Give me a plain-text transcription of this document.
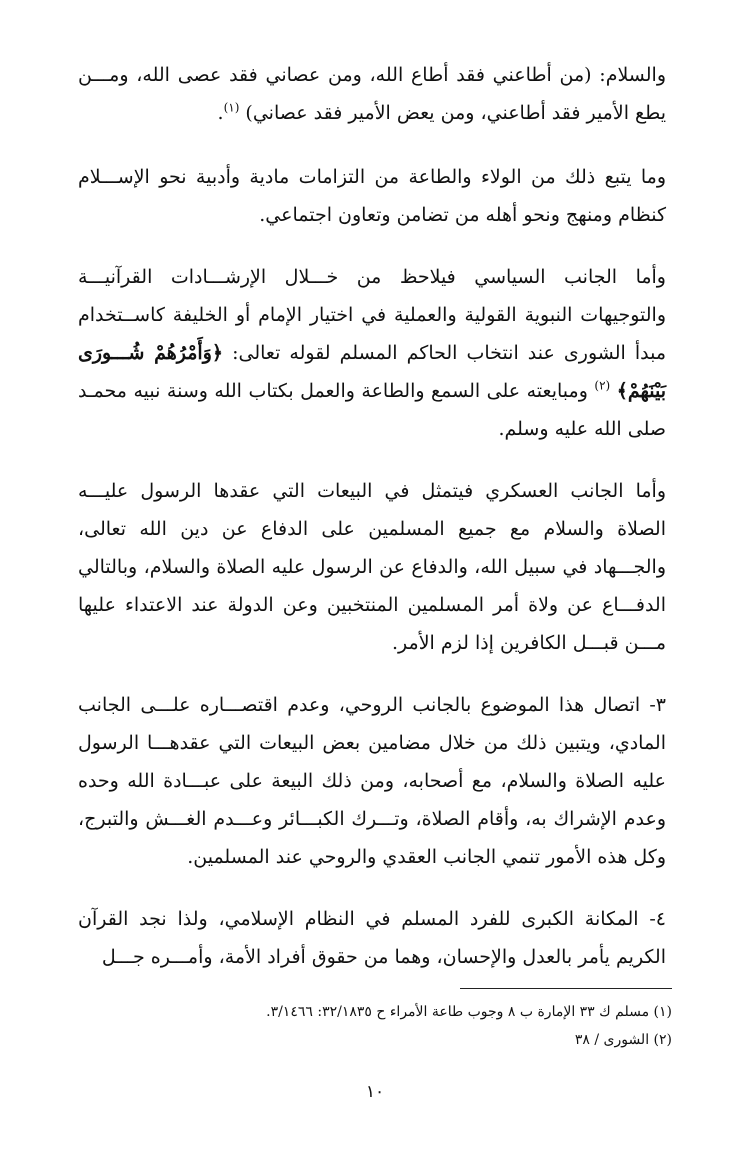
والسلام: (من أطاعني فقد أطاع الله، ومن عصاني فقد عصى الله، ومـــن يطع الأمير فقد أطاعني، ومن يعض الأمير فقد عصاني) $^{(١)}$.

وما يتبع ذلك من الولاء والطاعة من التزامات مادية وأدبية نحو الإســـلام كنظام ومنهج ونحو أهله من تضامن وتعاون اجتماعي.

وأما الجانب السياسي فيلاحظ من خـــلال الإرشـــادات القرآنيـــة والتوجيهات النبوية القولية والعملية في اختيار الإمام أو الخليفة كاســتخدام مبدأ الشورى عند انتخاب الحاكم المسلم لقوله تعالى: ﴿وَأَمْرُهُمْ شُـــورَى بَيْنَهُمْ﴾ $^{(٢)}$ ومبايعته على السمع والطاعة والعمل بكتاب الله وسنة نبيه محمـد صلى الله عليه وسلم.

وأما الجانب العسكري فيتمثل في البيعات التي عقدها الرسول عليـــه الصلاة والسلام مع جميع المسلمين على الدفاع عن دين الله تعالى، والجـــهاد في سبيل الله، والدفاع عن الرسول عليه الصلاة والسلام، وبالتالي الدفـــاع عن ولاة أمر المسلمين المنتخبين وعن الدولة عند الاعتداء عليها مـــن قبـــل الكافرين إذا لزم الأمر.

٣- اتصال هذا الموضوع بالجانب الروحي، وعدم اقتصـــاره علـــى الجانب المادي، ويتبين ذلك من خلال مضامين بعض البيعات التي عقدهـــا الرسول عليه الصلاة والسلام، مع أصحابه، ومن ذلك البيعة على عبـــادة الله وحده وعدم الإشراك به، وأقام الصلاة، وتـــرك الكبـــائر وعـــدم الغـــش والتبرج، وكل هذه الأمور تنمي الجانب العقدي والروحي عند المسلمين.

٤- المكانة الكبرى للفرد المسلم في النظام الإسلامي، ولذا نجد القرآن الكريم يأمر بالعدل والإحسان، وهما من حقوق أفراد الأمة، وأمـــره جـــل

(١) مسلم ك ٣٣ الإمارة ب ٨ وجوب طاعة الأمراء ح ٣٢/١٨٣٥: ٣/١٤٦٦.
(٢) الشورى / ٣٨
١٠
